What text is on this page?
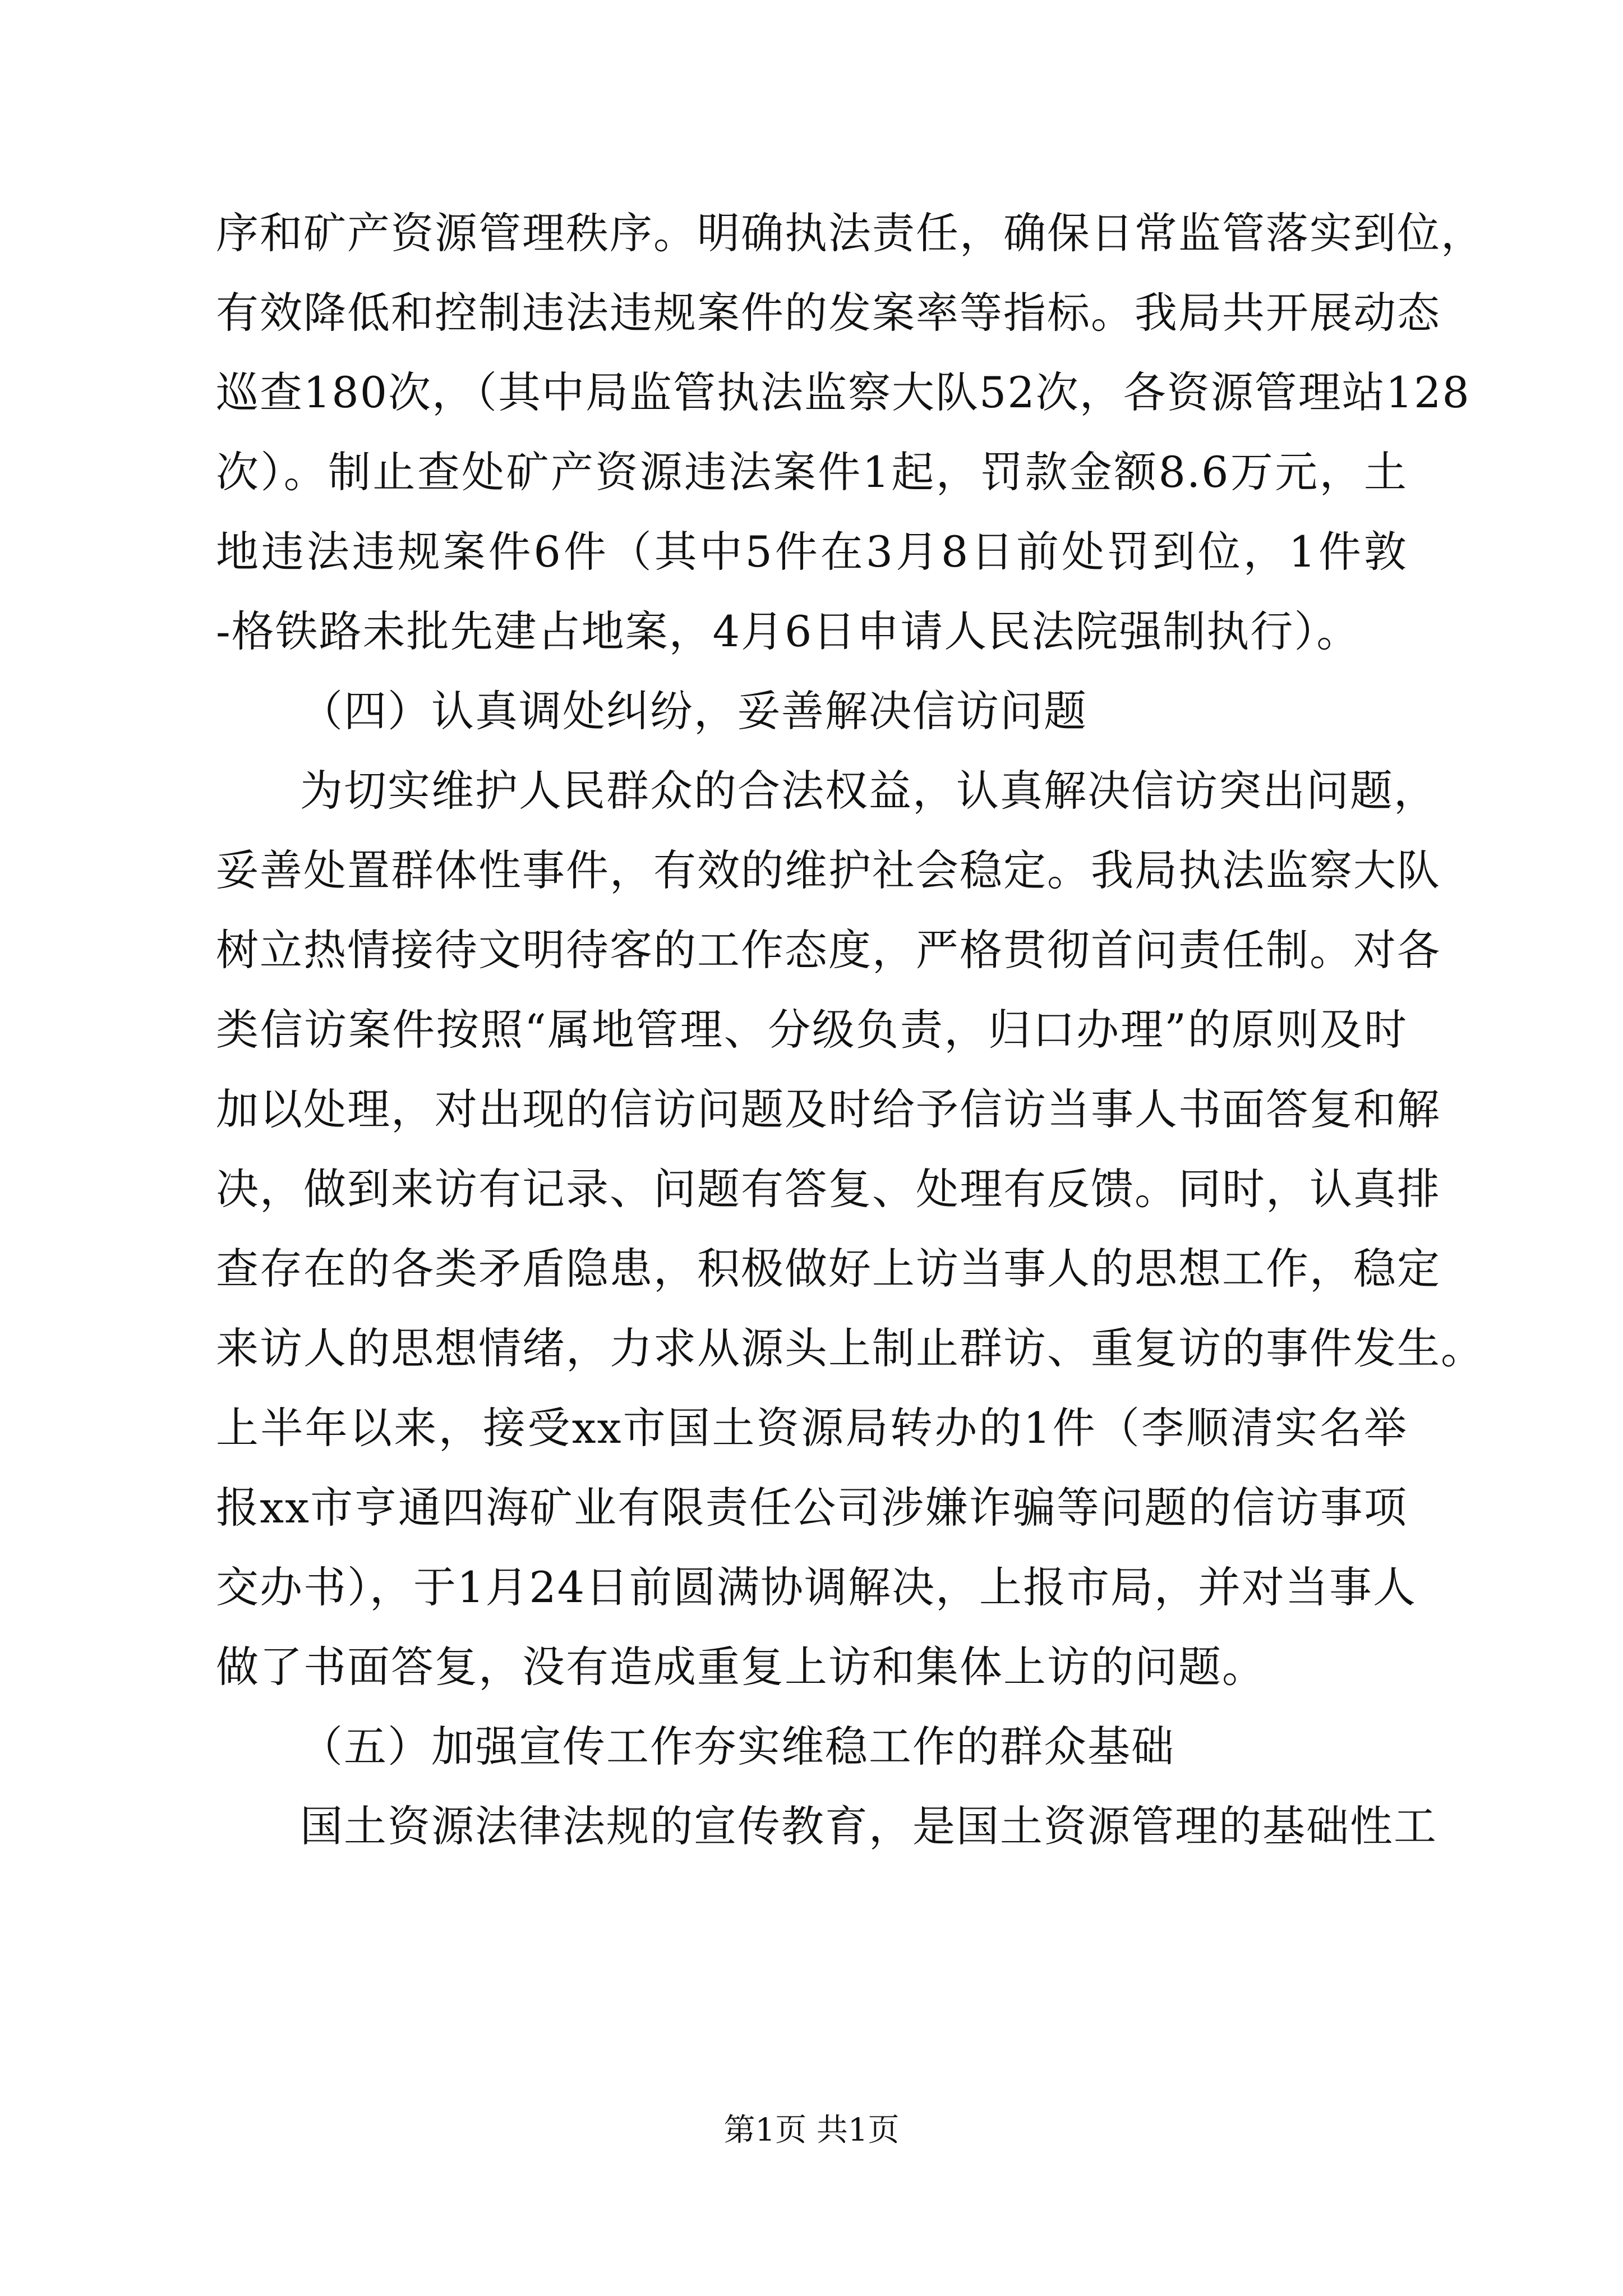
序和矿产资源管理秩序。明确执法责任，确保日常监管落实到位，
有效降低和控制违法违规案件的发案率等指标。我局共开展动态
巡查180次，（其中局监管执法监察大队52次，各资源管理站128
次）。制止查处矿产资源违法案件1起，罚款金额8.6万元，土
地违法违规案件6件（其中5件在3月8日前处罚到位，1件敦
-格铁路未批先建占地案，4月6日申请人民法院强制执行）。
（四）认真调处纠纷，妥善解决信访问题
为切实维护人民群众的合法权益，认真解决信访突出问题，
妥善处置群体性事件，有效的维护社会稳定。我局执法监察大队
树立热情接待文明待客的工作态度，严格贯彻首问责任制。对各
类信访案件按照“属地管理、分级负责，归口办理”的原则及时
加以处理，对出现的信访问题及时给予信访当事人书面答复和解
决，做到来访有记录、问题有答复、处理有反馈。同时，认真排
查存在的各类矛盾隐患，积极做好上访当事人的思想工作，稳定
来访人的思想情绪，力求从源头上制止群访、重复访的事件发生。
上半年以来，接受xx市国土资源局转办的1件（李顺清实名举
报xx市亨通四海矿业有限责任公司涉嫌诈骗等问题的信访事项
交办书），于1月24日前圆满协调解决，上报市局，并对当事人
做了书面答复，没有造成重复上访和集体上访的问题。
（五）加强宣传工作夯实维稳工作的群众基础
国土资源法律法规的宣传教育，是国土资源管理的基础性工
第1页 共1页
